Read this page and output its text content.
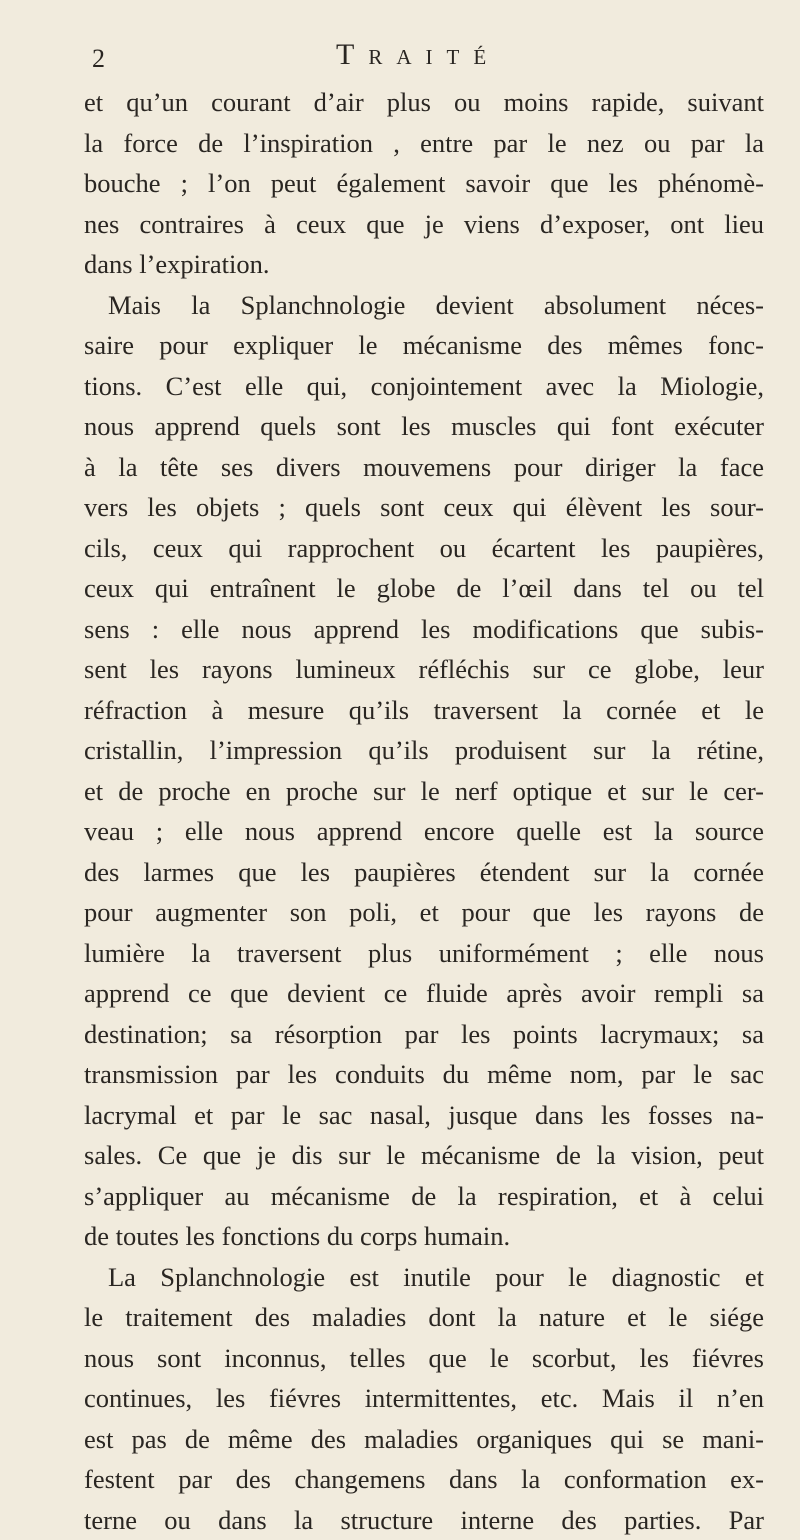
2	Traité
et qu’un courant d’air plus ou moins rapide, suivant
la force de l’inspiration , entre par le nez ou par la
bouche ; l’on peut également savoir que les phénomè-
nes contraires à ceux que je viens d’exposer, ont lieu
dans l’expiration.
Mais la Splanchnologie devient absolument néces-
saire pour expliquer le mécanisme des mêmes fonc-
tions. C’est elle qui, conjointement avec la Miologie,
nous apprend quels sont les muscles qui font exécuter
à la tête ses divers mouvemens pour diriger la face
vers les objets ; quels sont ceux qui élèvent les sour-
cils, ceux qui rapprochent ou écartent les paupières,
ceux qui entraînent le globe de l’œil dans tel ou tel
sens : elle nous apprend les modifications que subis-
sent les rayons lumineux réfléchis sur ce globe, leur
réfraction à mesure qu’ils traversent la cornée et le
cristallin, l’impression qu’ils produisent sur la rétine,
et de proche en proche sur le nerf optique et sur le cer-
veau ; elle nous apprend encore quelle est la source
des larmes que les paupières étendent sur la cornée
pour augmenter son poli, et pour que les rayons de
lumière la traversent plus uniformément ; elle nous
apprend ce que devient ce fluide après avoir rempli sa
destination; sa résorption par les points lacrymaux; sa
transmission par les conduits du même nom, par le sac
lacrymal et par le sac nasal, jusque dans les fosses na-
sales. Ce que je dis sur le mécanisme de la vision, peut
s’appliquer au mécanisme de la respiration, et à celui
de toutes les fonctions du corps humain.
La Splanchnologie est inutile pour le diagnostic et
le traitement des maladies dont la nature et le siége
nous sont inconnus, telles que le scorbut, les fiévres
continues, les fiévres intermittentes, etc. Mais il n’en
est pas de même des maladies organiques qui se mani-
festent par des changemens dans la conformation ex-
terne ou dans la structure interne des parties. Par
